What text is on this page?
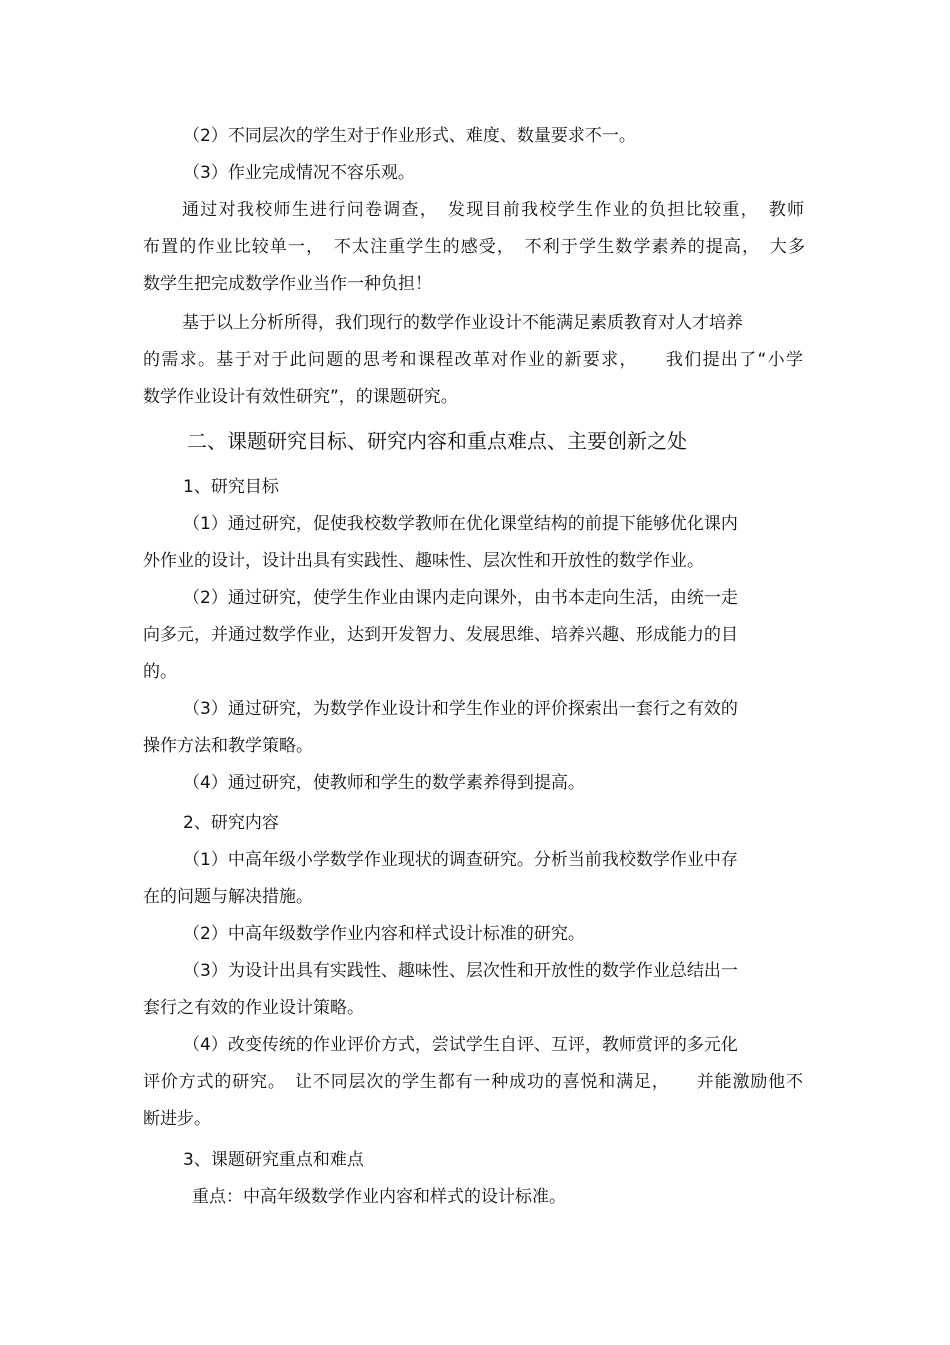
（2）不同层次的学生对于作业形式、难度、数量要求不一。
（3）作业完成情况不容乐观。
通过对我校师生进行问卷调查，　发现目前我校学生作业的负担比较重，　教师
布置的作业比较单一，　不太注重学生的感受，　不利于学生数学素养的提高，　大多
数学生把完成数学作业当作一种负担！
基于以上分析所得，我们现行的数学作业设计不能满足素质教育对人才培养
的需求。基于对于此问题的思考和课程改革对作业的新要求，　　我们提出了“小学
数学作业设计有效性研究”，的课题研究。
二、课题研究目标、研究内容和重点难点、主要创新之处
1、研究目标
（1）通过研究，促使我校数学教师在优化课堂结构的前提下能够优化课内
外作业的设计，设计出具有实践性、趣味性、层次性和开放性的数学作业。
（2）通过研究，使学生作业由课内走向课外，由书本走向生活，由统一走
向多元，并通过数学作业，达到开发智力、发展思维、培养兴趣、形成能力的目
的。
（3）通过研究，为数学作业设计和学生作业的评价探索出一套行之有效的
操作方法和教学策略。
（4）通过研究，使教师和学生的数学素养得到提高。
2、研究内容
（1）中高年级小学数学作业现状的调查研究。分析当前我校数学作业中存
在的问题与解决措施。
（2）中高年级数学作业内容和样式设计标准的研究。
（3）为设计出具有实践性、趣味性、层次性和开放性的数学作业总结出一
套行之有效的作业设计策略。
（4）改变传统的作业评价方式，尝试学生自评、互评，教师赏评的多元化
评价方式的研究。　让不同层次的学生都有一种成功的喜悦和满足，　　并能激励他不
断进步。
3、课题研究重点和难点
重点：中高年级数学作业内容和样式的设计标准。
